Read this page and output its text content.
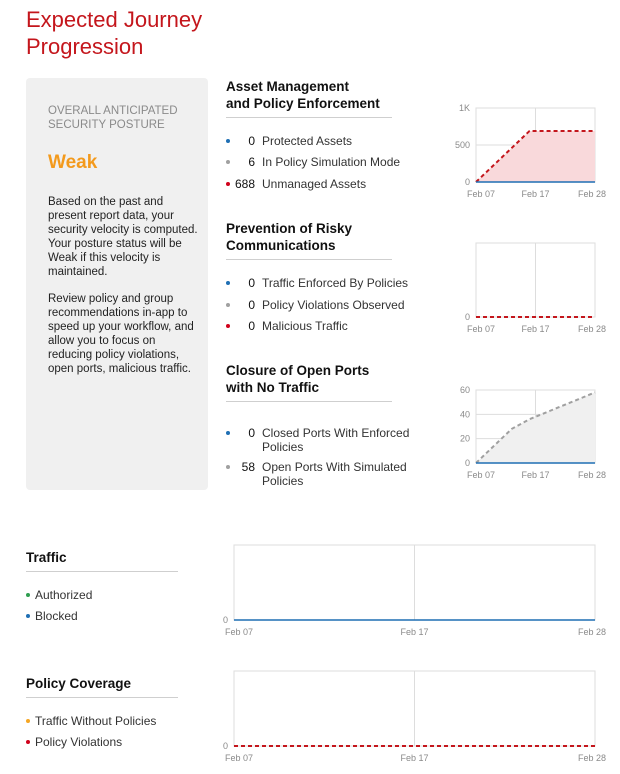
Expected Journey Progression
OVERALL ANTICIPATED SECURITY POSTURE
Weak
Based on the past and present report data, your security velocity is computed. Your posture status will be Weak if this velocity is maintained.
Review policy and group recommendations in-app to speed up your workflow, and allow you to focus on reducing policy violations, open ports, malicious traffic.
Asset Management
and Policy Enforcement
0 Protected Assets
6 In Policy Simulation Mode
688 Unmanaged Assets
Prevention of Risky
Communications
0 Traffic Enforced By Policies
0 Policy Violations Observed
0 Malicious Traffic
Closure of Open Ports
with No Traffic
0 Closed Ports With Enforced
Policies
58 Open Ports With Simulated
Policies
Traffic
Authorized
Blocked
Policy Coverage
Traffic Without Policies
Policy Violations
0
500
1K
Feb 07	Feb 17	Feb 28
0
Feb 07	Feb 17	Feb 28
0
20
40
60
Feb 07	Feb 17	Feb 28
0
Feb 07	Feb 17	Feb 28
0
Feb 07	Feb 17	Feb 28
